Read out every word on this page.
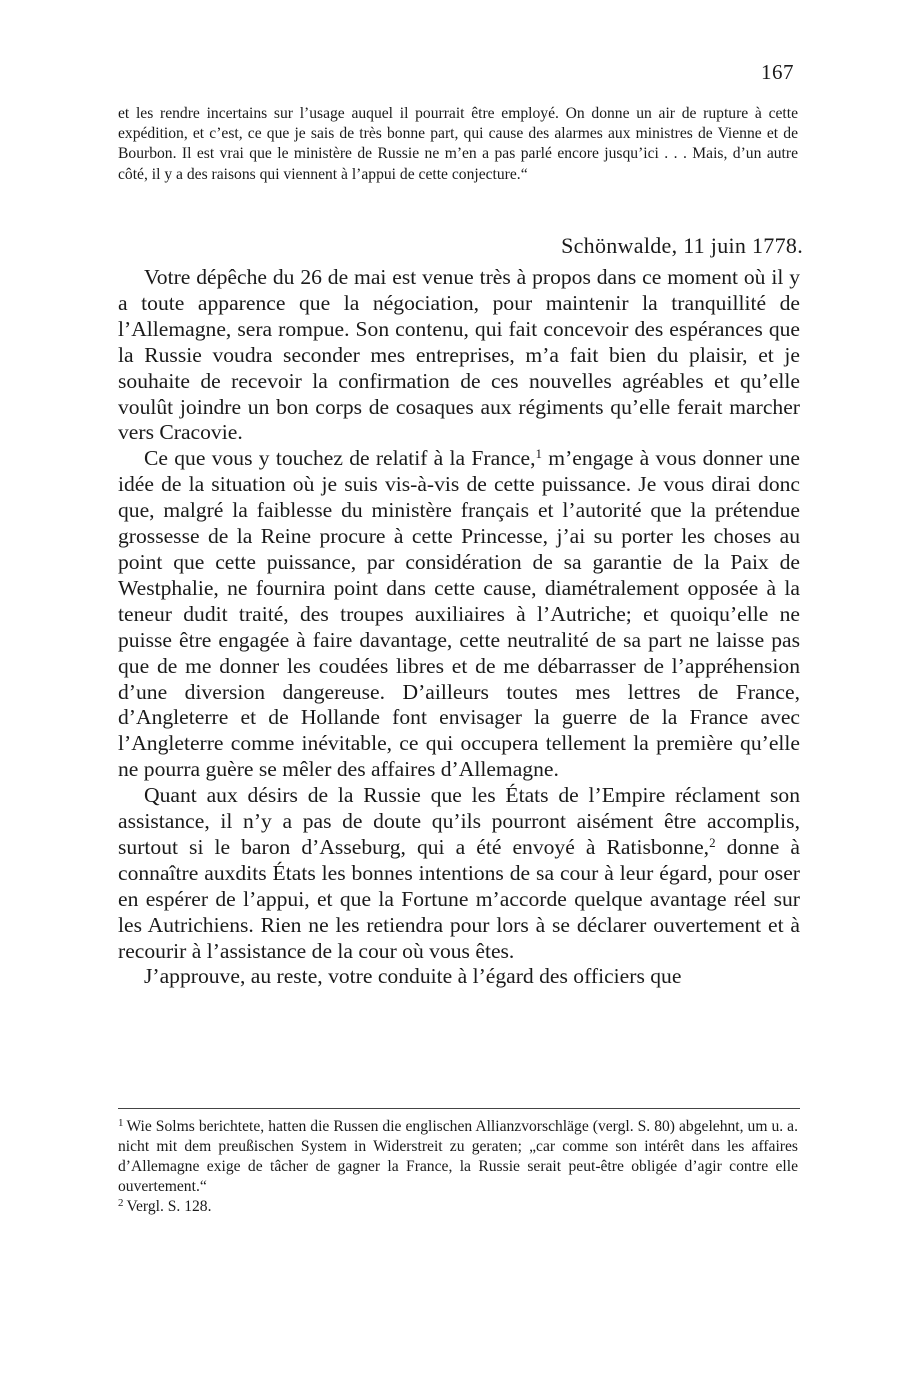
167

et les rendre incertains sur l’usage auquel il pourrait être employé. On donne un air de rupture à cette expédition, et c’est, ce que je sais de très bonne part, qui cause des alarmes aux ministres de Vienne et de Bourbon. Il est vrai que le ministère de Russie ne m’en a pas parlé encore jusqu’ici . . . Mais, d’un autre côté, il y a des raisons qui viennent à l’appui de cette conjecture.“

Schönwalde, 11 juin 1778.

Votre dépêche du 26 de mai est venue très à propos dans ce moment où il y a toute apparence que la négociation, pour maintenir la tranquillité de l’Allemagne, sera rompue. Son contenu, qui fait concevoir des espérances que la Russie voudra seconder mes entreprises, m’a fait bien du plaisir, et je souhaite de recevoir la confirmation de ces nouvelles agréables et qu’elle voulût joindre un bon corps de cosaques aux régiments qu’elle ferait marcher vers Cracovie.

Ce que vous y touchez de relatif à la France,$^1$ m’engage à vous donner une idée de la situation où je suis vis-à-vis de cette puissance. Je vous dirai donc que, malgré la faiblesse du ministère français et l’autorité que la prétendue grossesse de la Reine procure à cette Princesse, j’ai su porter les choses au point que cette puissance, par considération de sa garantie de la Paix de Westphalie, ne fournira point dans cette cause, diamétralement opposée à la teneur dudit traité, des troupes auxiliaires à l’Autriche; et quoiqu’elle ne puisse être engagée à faire davantage, cette neutralité de sa part ne laisse pas que de me donner les coudées libres et de me débarrasser de l’appréhension d’une diversion dangereuse. D’ailleurs toutes mes lettres de France, d’Angleterre et de Hollande font envisager la guerre de la France avec l’Angleterre comme inévitable, ce qui occupera tellement la première qu’elle ne pourra guère se mêler des affaires d’Allemagne.

Quant aux désirs de la Russie que les États de l’Empire réclament son assistance, il n’y a pas de doute qu’ils pourront aisément être accomplis, surtout si le baron d’Asseburg, qui a été envoyé à Ratisbonne,$^2$ donne à connaître auxdits États les bonnes intentions de sa cour à leur égard, pour oser en espérer de l’appui, et que la Fortune m’accorde quelque avantage réel sur les Autrichiens. Rien ne les retiendra pour lors à se déclarer ouvertement et à recourir à l’assistance de la cour où vous êtes.

J’approuve, au reste, votre conduite à l’égard des officiers que

$^1$ Wie Solms berichtete, hatten die Russen die englischen Allianzvorschläge (vergl. S. 80) abgelehnt, um u. a. nicht mit dem preußischen System in Widerstreit zu geraten; „car comme son intérêt dans les affaires d’Allemagne exige de tâcher de gagner la France, la Russie serait peut-être obligée d’agir contre elle ouvertement.“

$^2$ Vergl. S. 128.
